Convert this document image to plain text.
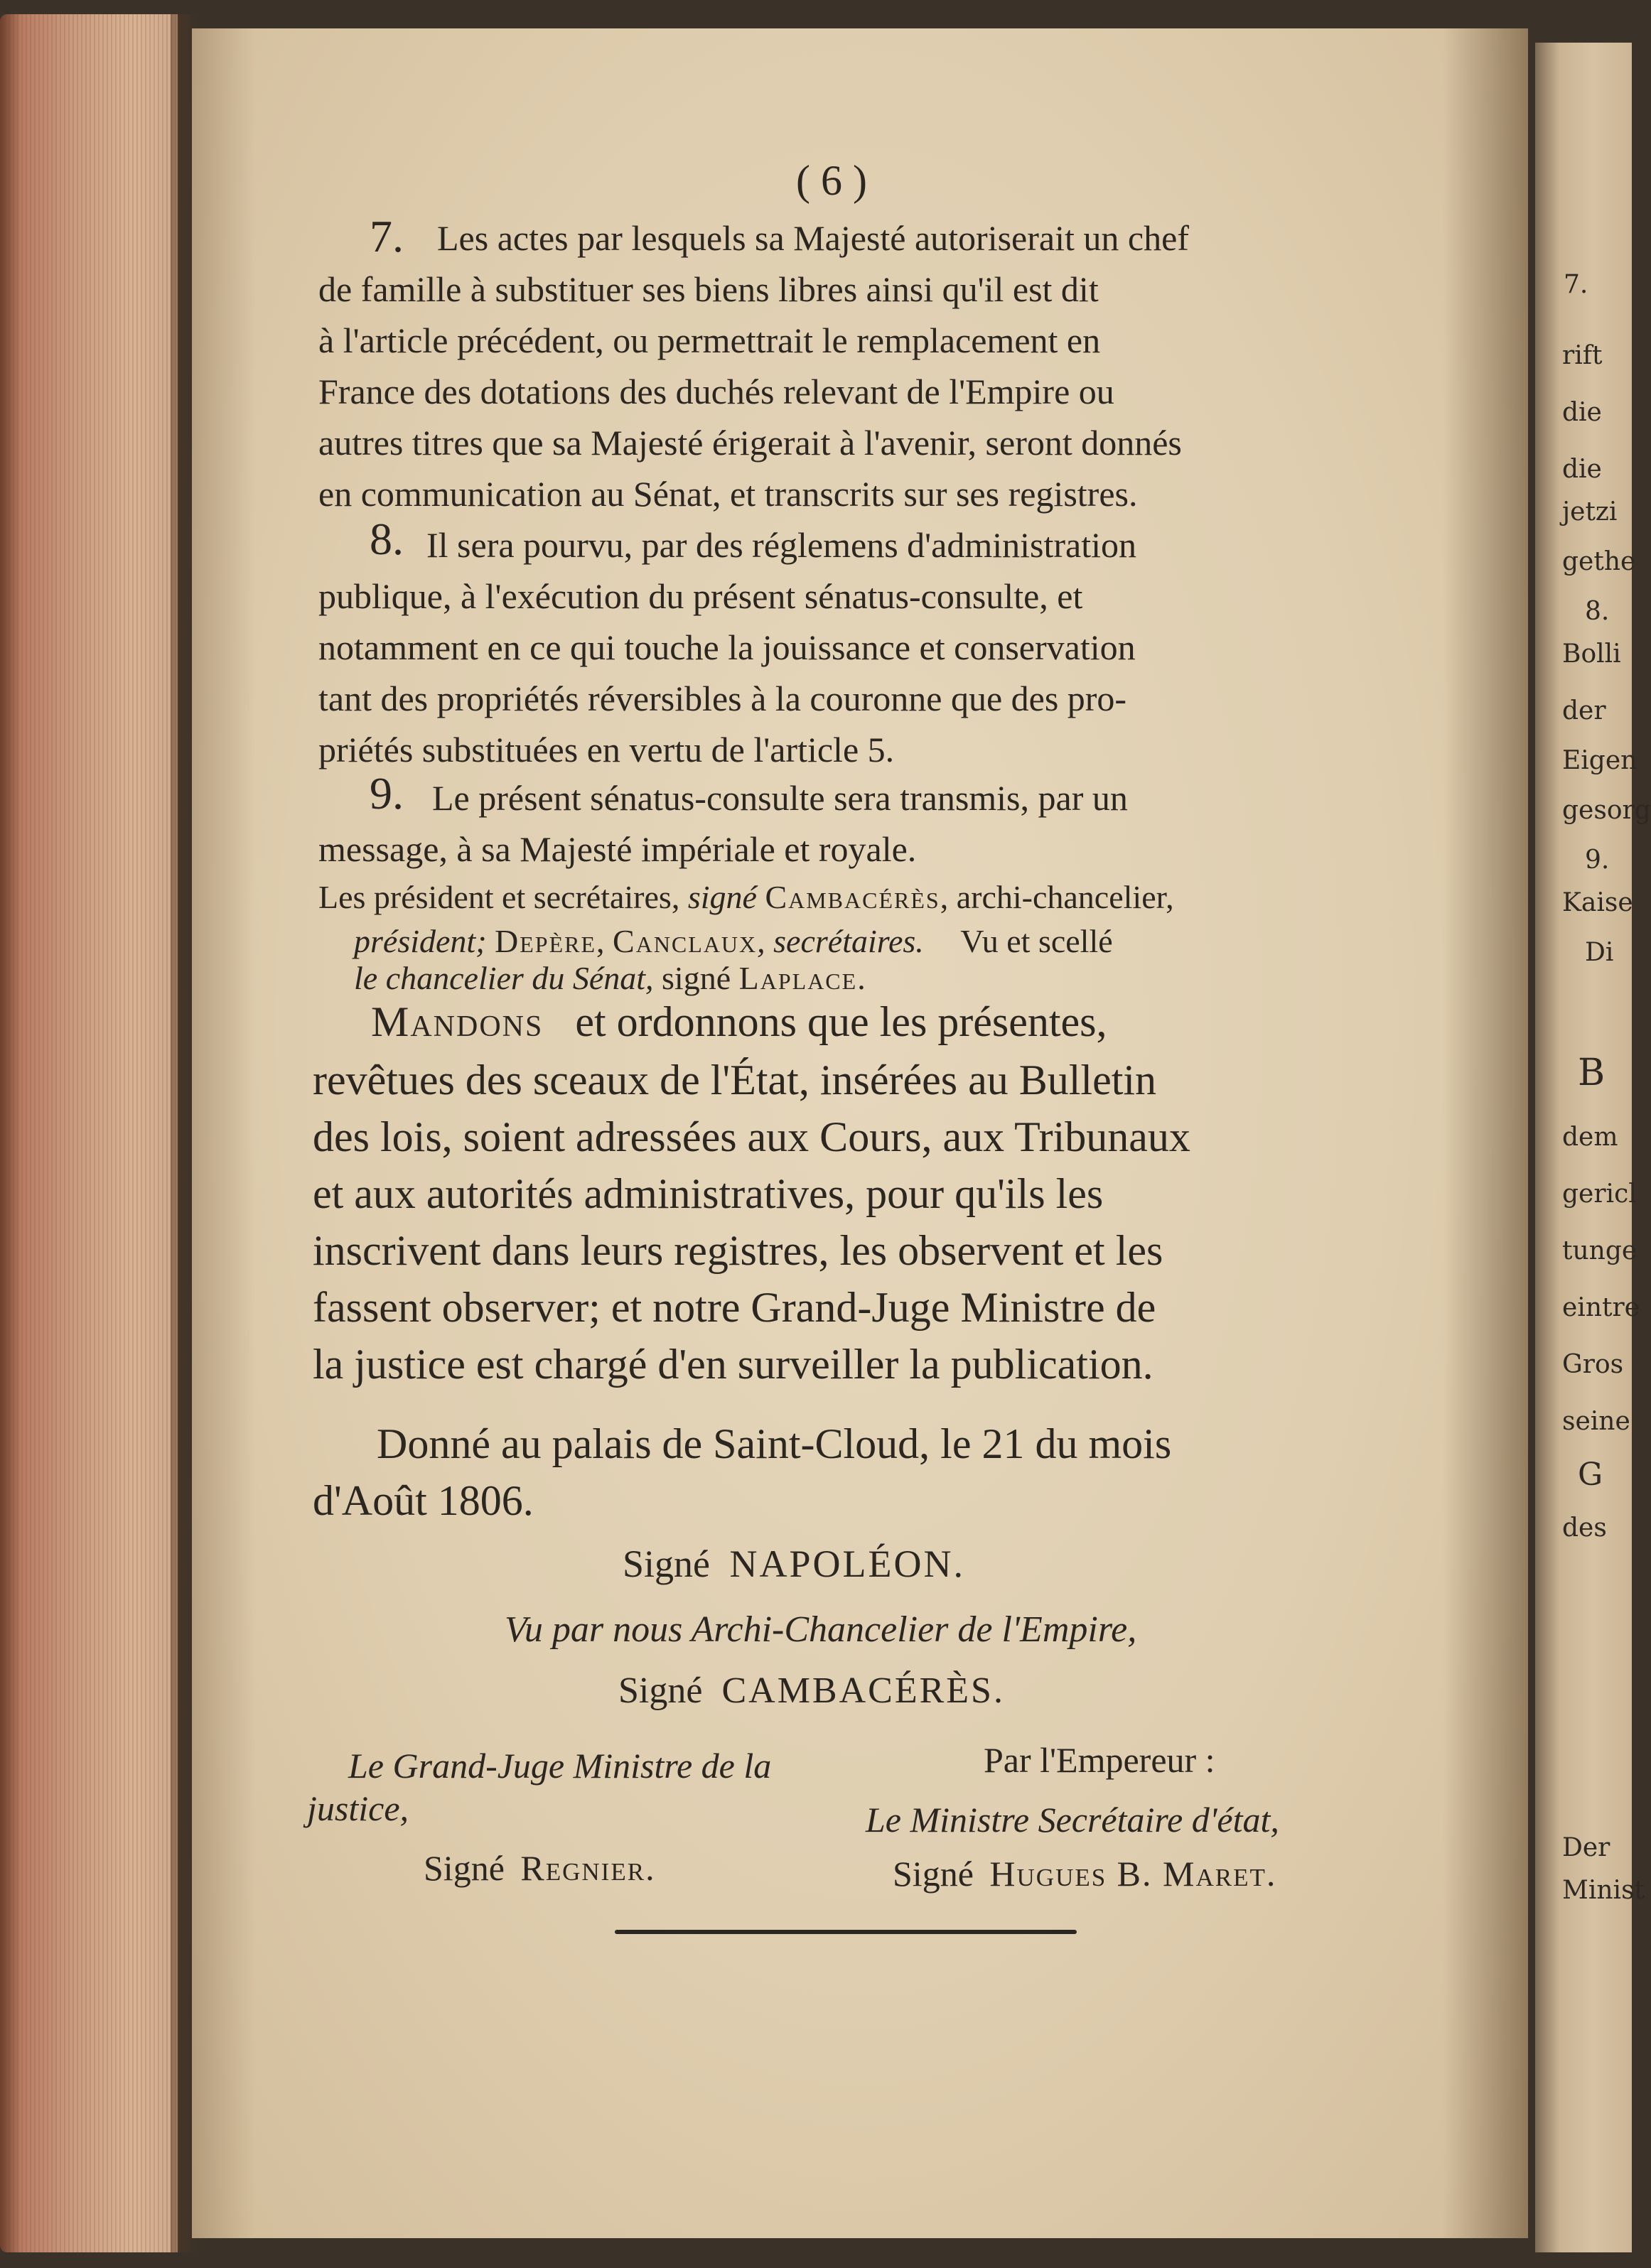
7.
rift
die
die
jetzi
gethe
8.
Bolli
der
Eigen
gesorg
9.
Kaise
Di
B
dem
gericl
tunge
eintre
Gros
seine
G
des
Der
Minist
( 6 )
7. Les actes par lesquels sa Majesté autoriserait un chef
de famille à substituer ses biens libres ainsi qu'il est dit
à l'article précédent, ou permettrait le remplacement en
France des dotations des duchés relevant de l'Empire ou
autres titres que sa Majesté érigerait à l'avenir, seront donnés
en communication au Sénat, et transcrits sur ses registres.
8. Il sera pourvu, par des réglemens d'administration
publique, à l'exécution du présent sénatus-consulte, et
notamment en ce qui touche la jouissance et conservation
tant des propriétés réversibles à la couronne que des pro-
priétés substituées en vertu de l'article 5.
9. Le présent sénatus-consulte sera transmis, par un
message, à sa Majesté impériale et royale.
Les président et secrétaires, signé Cambacérès, archi-chancelier,
président; Depère, Canclaux, secrétaires. Vu et scellé
le chancelier du Sénat, signé Laplace.
Mandons et ordonnons que les présentes,
revêtues des sceaux de l'État, insérées au Bulletin
des lois, soient adressées aux Cours, aux Tribunaux
et aux autorités administratives, pour qu'ils les
inscrivent dans leurs registres, les observent et les
fassent observer; et notre Grand-Juge Ministre de
la justice est chargé d'en surveiller la publication.
Donné au palais de Saint-Cloud, le 21 du mois
d'Août 1806.
Signé NAPOLÉON.
Vu par nous Archi-Chancelier de l'Empire,
Signé CAMBACÉRÈS.
Le Grand-Juge Ministre de la
justice,
Signé Regnier.
Par l'Empereur :
Le Ministre Secrétaire d'état,
Signé Hugues B. Maret.
